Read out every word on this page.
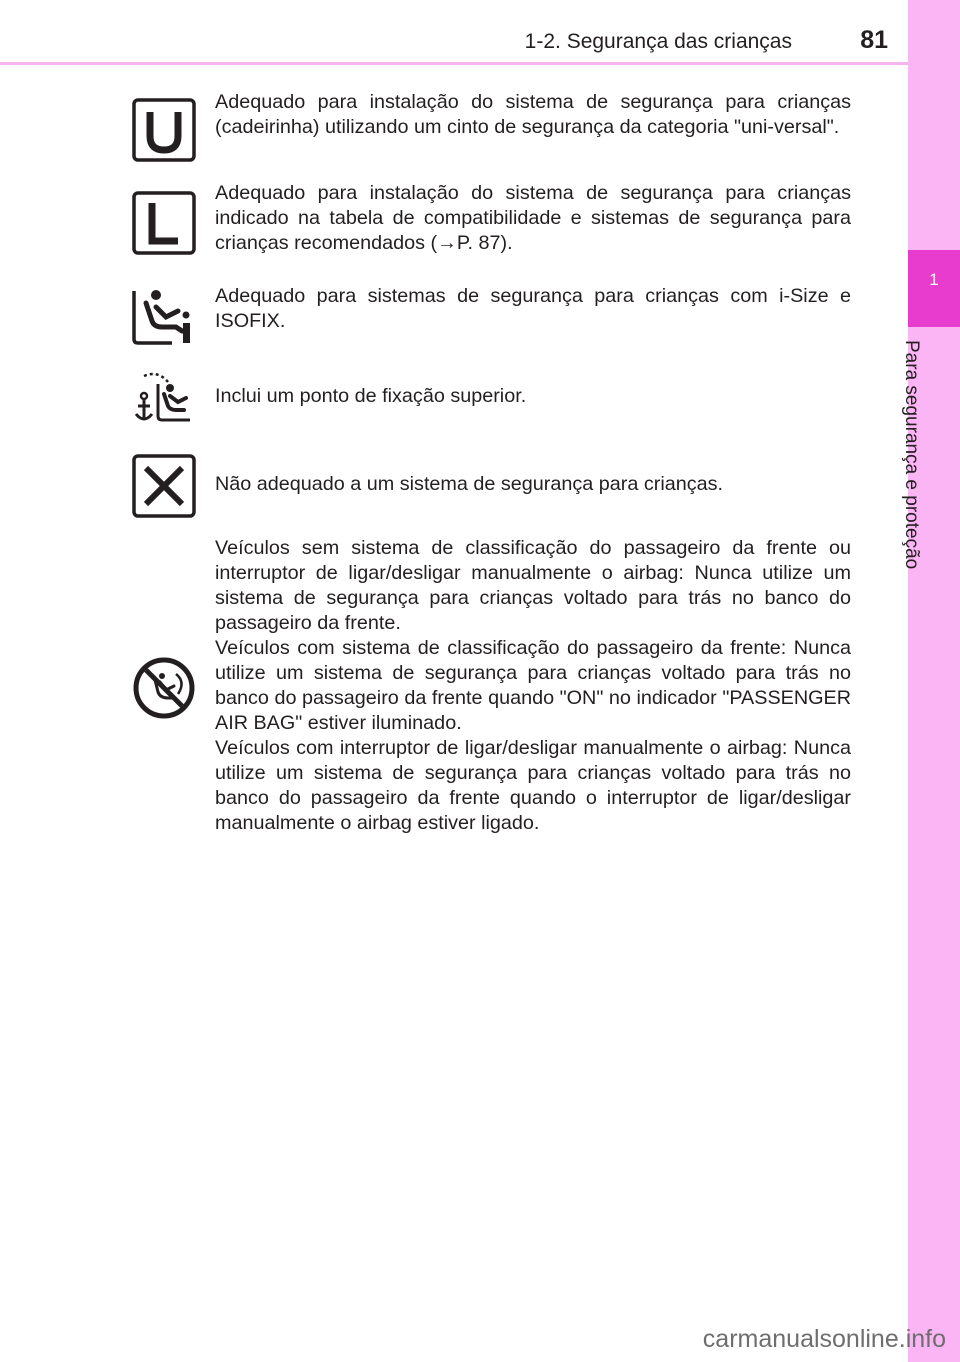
1-2. Segurança das crianças	81
1
Para segurança e proteção

Adequado para instalação do sistema de segurança para crianças (cadeirinha) utilizando um cinto de segurança da categoria "uni-versal".

Adequado para instalação do sistema de segurança para crianças indicado na tabela de compatibilidade e sistemas de segurança para crianças recomendados (→P. 87).

Adequado para sistemas de segurança para crianças com i-Size e ISOFIX.

Inclui um ponto de fixação superior.

Não adequado a um sistema de segurança para crianças.

Veículos sem sistema de classificação do passageiro da frente ou interruptor de ligar/desligar manualmente o airbag: Nunca utilize um sistema de segurança para crianças voltado para trás no banco do passageiro da frente.

Veículos com sistema de classificação do passageiro da frente: Nunca utilize um sistema de segurança para crianças voltado para trás no banco do passageiro da frente quando "ON" no indicador "PASSENGER AIR BAG" estiver iluminado.

Veículos com interruptor de ligar/desligar manualmente o airbag: Nunca utilize um sistema de segurança para crianças voltado para trás no banco do passageiro da frente quando o interruptor de ligar/desligar manualmente o airbag estiver ligado.

carmanualsonline.info
